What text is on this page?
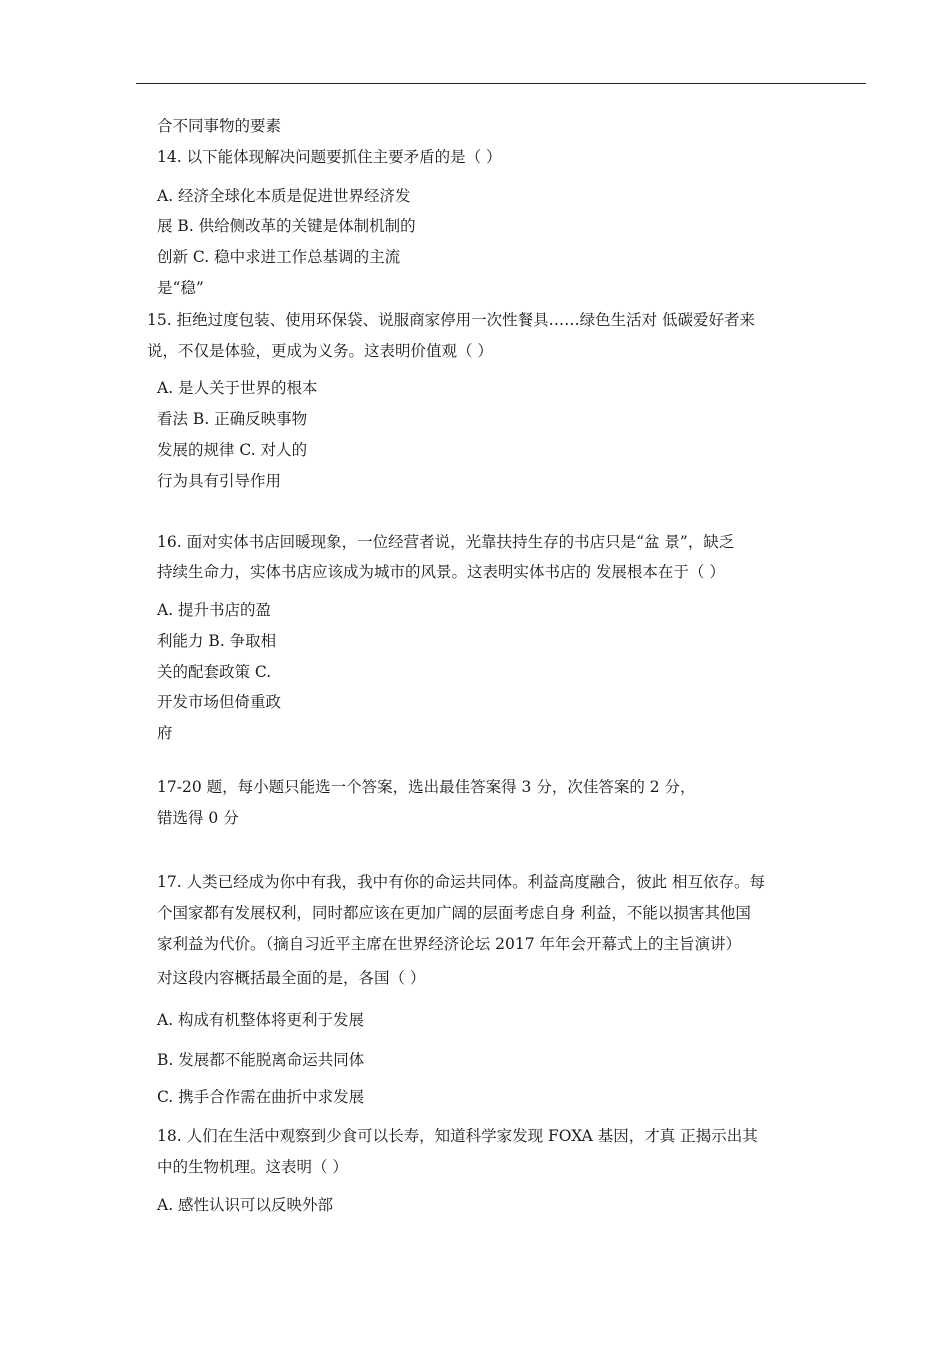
合不同事物的要素
14. 以下能体现解决问题要抓住主要矛盾的是（ ）
A. 经济全球化本质是促进世界经济发
展 B. 供给侧改革的关键是体制机制的
创新 C. 稳中求进工作总基调的主流
是“稳”
15. 拒绝过度包装、使用环保袋、说服商家停用一次性餐具……绿色生活对 低碳爱好者来
说，不仅是体验，更成为义务。这表明价值观（ ）
A. 是人关于世界的根本
看法 B. 正确反映事物
发展的规律 C. 对人的
行为具有引导作用
16. 面对实体书店回暖现象，一位经营者说，光靠扶持生存的书店只是“盆 景”，缺乏
持续生命力，实体书店应该成为城市的风景。这表明实体书店的 发展根本在于（ ）
A. 提升书店的盈
利能力 B. 争取相
关的配套政策 C.
开发市场但倚重政
府
17-20 题，每小题只能选一个答案，选出最佳答案得 3 分，次佳答案的 2 分，
错选得 0 分
17. 人类已经成为你中有我，我中有你的命运共同体。利益高度融合，彼此 相互依存。每
个国家都有发展权利，同时都应该在更加广阔的层面考虑自身 利益，不能以损害其他国
家利益为代价。（摘自习近平主席在世界经济论坛 2017 年年会开幕式上的主旨演讲）
对这段内容概括最全面的是，各国（ ）
A. 构成有机整体将更利于发展
B. 发展都不能脱离命运共同体
C. 携手合作需在曲折中求发展
18. 人们在生活中观察到少食可以长寿，知道科学家发现 FOXA 基因，才真 正揭示出其
中的生物机理。这表明（ ）
A. 感性认识可以反映外部
